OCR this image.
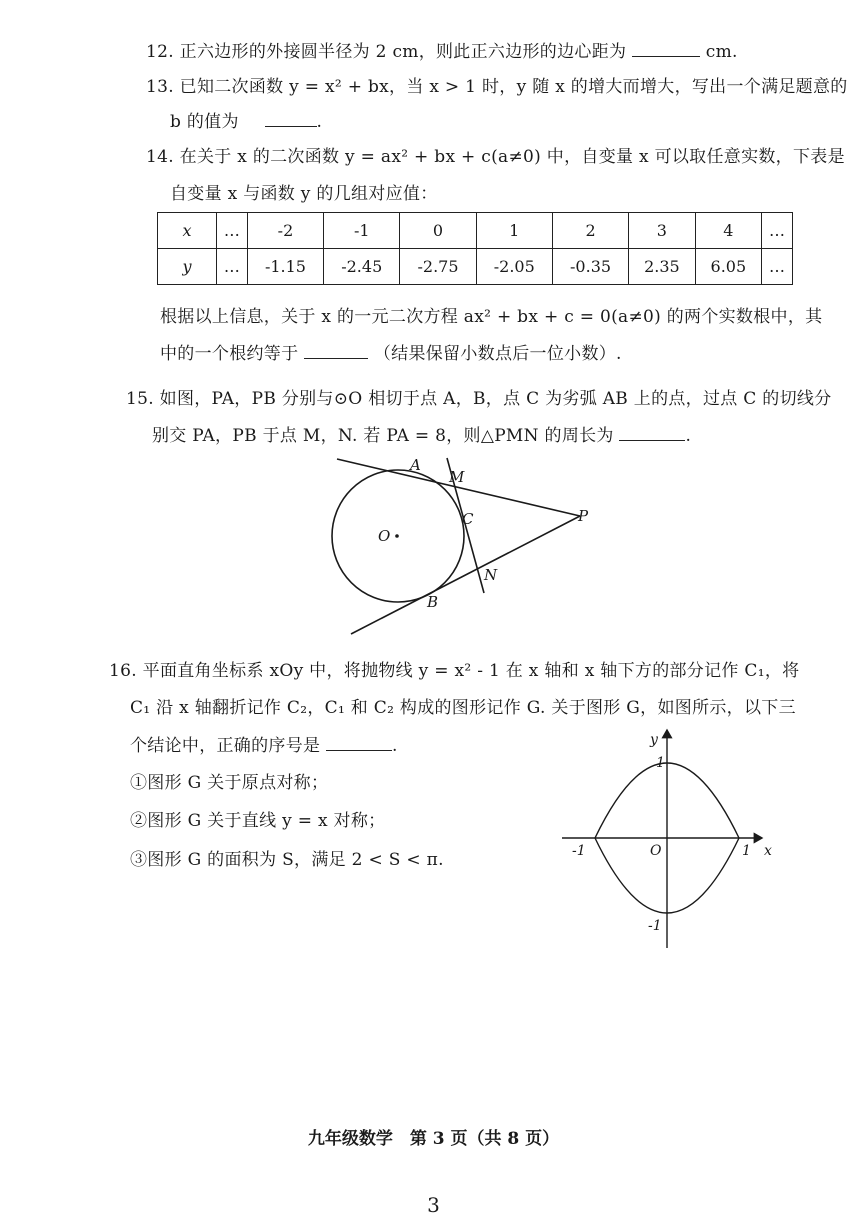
12. 正六边形的外接圆半径为 2 cm，则此正六边形的边心距为	cm.
13. 已知二次函数 y = x² + bx，当 x > 1 时，y 随 x 的增大而增大，写出一个满足题意的
b 的值为	.
14. 在关于 x 的二次函数 y = ax² + bx + c(a≠0) 中，自变量 x 可以取任意实数，下表是
自变量 x 与函数 y 的几组对应值：
x	…	-2	-1	0	1	2	3	4	…
y	…	-1.15	-2.45	-2.75	-2.05	-0.35	2.35	6.05	…
根据以上信息，关于 x 的一元二次方程 ax² + bx + c = 0(a≠0) 的两个实数根中，其
中的一个根约等于	（结果保留小数点后一位小数）.
15. 如图，PA，PB 分别与⊙O 相切于点 A，B，点 C 为劣弧 AB 上的点，过点 C 的切线分
别交 PA，PB 于点 M，N. 若 PA = 8，则△PMN 的周长为	.
A
M
C	P
O
N
B
16. 平面直角坐标系 xOy 中，将抛物线 y = x² - 1 在 x 轴和 x 轴下方的部分记作 C₁，将
C₁ 沿 x 轴翻折记作 C₂，C₁ 和 C₂ 构成的图形记作 G. 关于图形 G，如图所示，以下三
个结论中，正确的序号是	.
①图形 G 关于原点对称；
②图形 G 关于直线 y = x 对称；
③图形 G 的面积为 S，满足 2 < S < π.
y
x
O
1
-1
-1	1
九年级数学　第 3 页（共 8 页）
3
